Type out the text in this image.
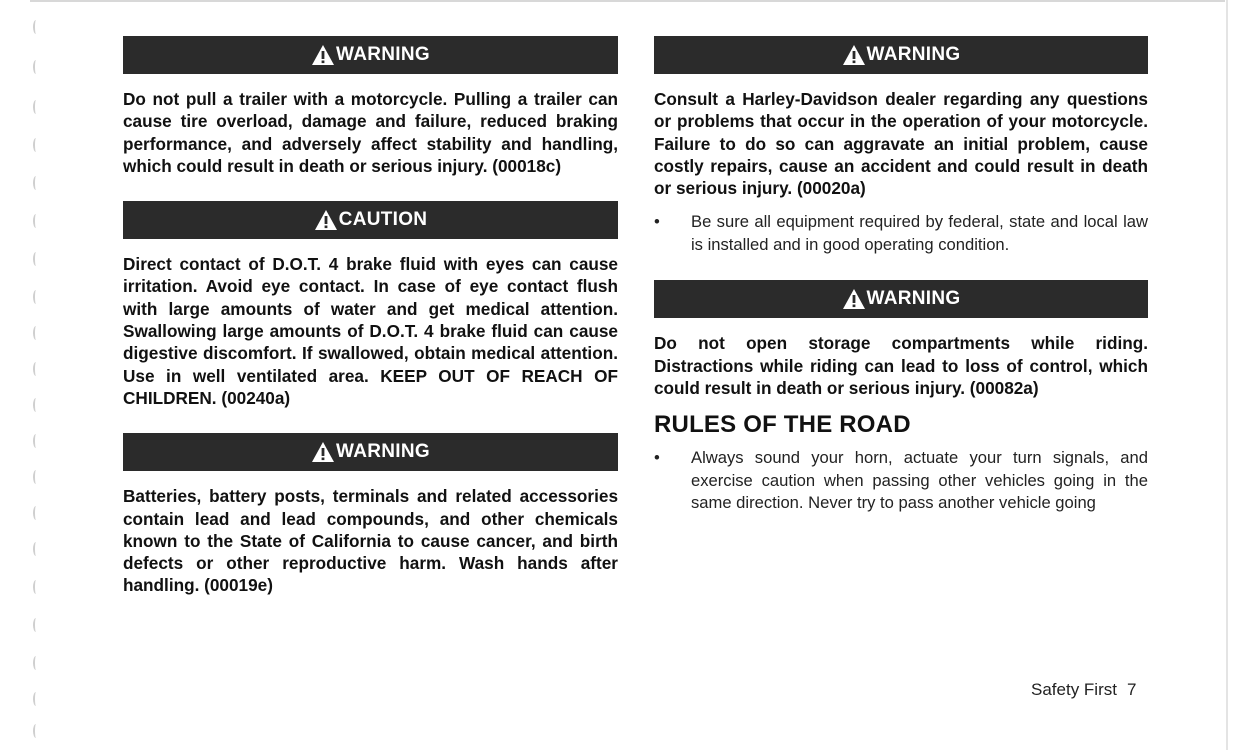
WARNING

Do not pull a trailer with a motorcycle. Pulling a trailer can cause tire overload, damage and failure, reduced braking performance, and adversely affect stability and handling, which could result in death or serious injury. (00018c)

CAUTION

Direct contact of D.O.T. 4 brake fluid with eyes can cause irritation. Avoid eye contact. In case of eye contact flush with large amounts of water and get medical attention. Swallowing large amounts of D.O.T. 4 brake fluid can cause digestive discomfort. If swallowed, obtain medical attention. Use in well ventilated area. KEEP OUT OF REACH OF CHILDREN. (00240a)

WARNING

Batteries, battery posts, terminals and related accessories contain lead and lead compounds, and other chemicals known to the State of California to cause cancer, and birth defects or other reproductive harm. Wash hands after handling. (00019e)

WARNING

Consult a Harley-Davidson dealer regarding any questions or problems that occur in the operation of your motorcycle. Failure to do so can aggravate an initial problem, cause costly repairs, cause an accident and could result in death or serious injury. (00020a)

•	Be sure all equipment required by federal, state and local law is installed and in good operating condition.
WARNING

Do not open storage compartments while riding. Distractions while riding can lead to loss of control, which could result in death or serious injury. (00082a)

RULES OF THE ROAD
•	Always sound your horn, actuate your turn signals, and exercise caution when passing other vehicles going in the same direction. Never try to pass another vehicle going
Safety First 7
